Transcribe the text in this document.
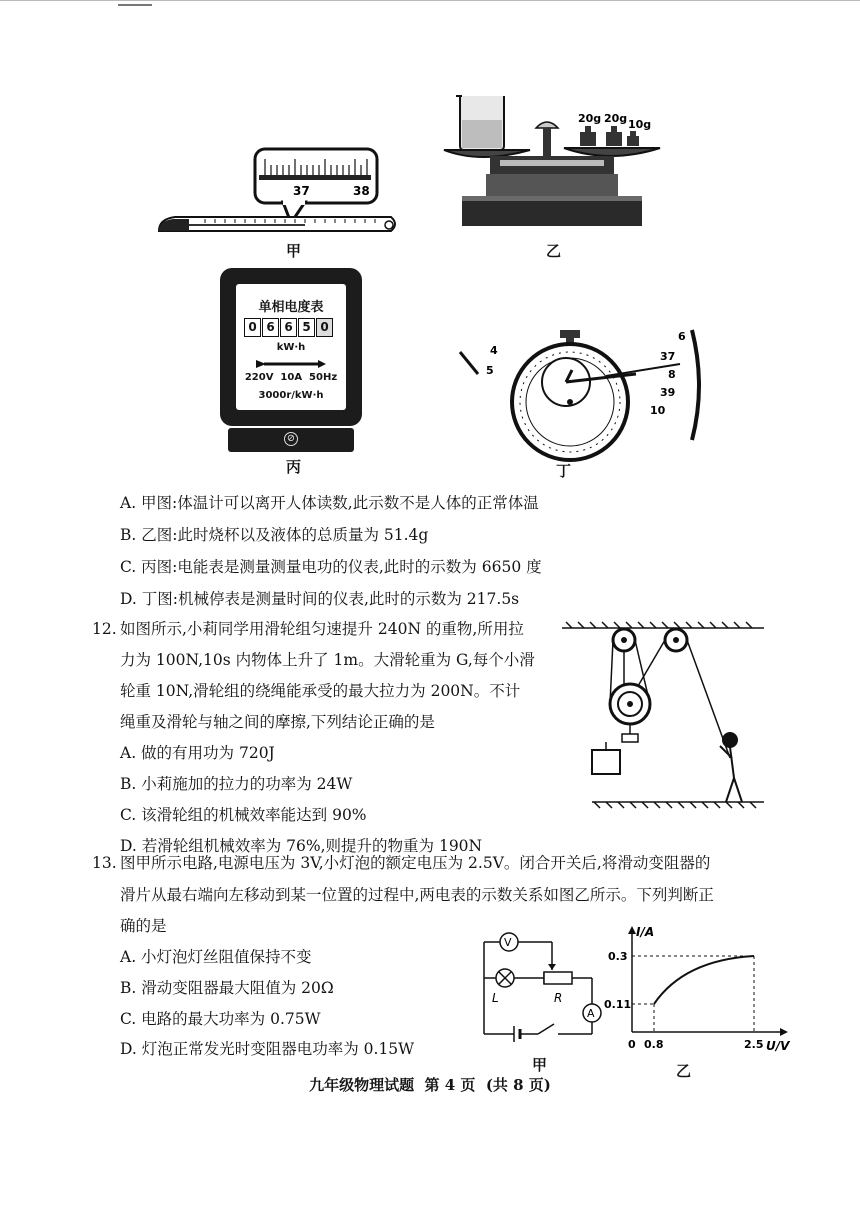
37	38
甲
20g 20g 10g
乙
单相电度表
0 6 6 5 0
kW·h
220V  10A  50Hz
3000r/kW·h
⊘
丙
4
5
6
37
8
39
10
丁
A. 甲图:体温计可以离开人体读数,此示数不是人体的正常体温
B. 乙图:此时烧杯以及液体的总质量为 51.4g
C. 丙图:电能表是测量测量电功的仪表,此时的示数为 6650 度
D. 丁图:机械停表是测量时间的仪表,此时的示数为 217.5s
12. 如图所示,小莉同学用滑轮组匀速提升 240N 的重物,所用拉
力为 100N,10s 内物体上升了 1m。大滑轮重为 G,每个小滑
轮重 10N,滑轮组的绕绳能承受的最大拉力为 200N。不计
绳重及滑轮与轴之间的摩擦,下列结论正确的是
A. 做的有用功为 720J
B. 小莉施加的拉力的功率为 24W
C. 该滑轮组的机械效率能达到 90%
D. 若滑轮组机械效率为 76%,则提升的物重为 190N
13. 图甲所示电路,电源电压为 3V,小灯泡的额定电压为 2.5V。闭合开关后,将滑动变阻器的
滑片从最右端向左移动到某一位置的过程中,两电表的示数关系如图乙所示。下列判断正
确的是
A. 小灯泡灯丝阻值保持不变
B. 滑动变阻器最大阻值为 20Ω
C. 电路的最大功率为 0.75W
D. 灯泡正常发光时变阻器电功率为 0.15W
V
L	R
A
甲
I/A
U/V
0.3
0.11
0 0.8	2.5
乙
九年级物理试题  第 4 页  (共 8 页)
